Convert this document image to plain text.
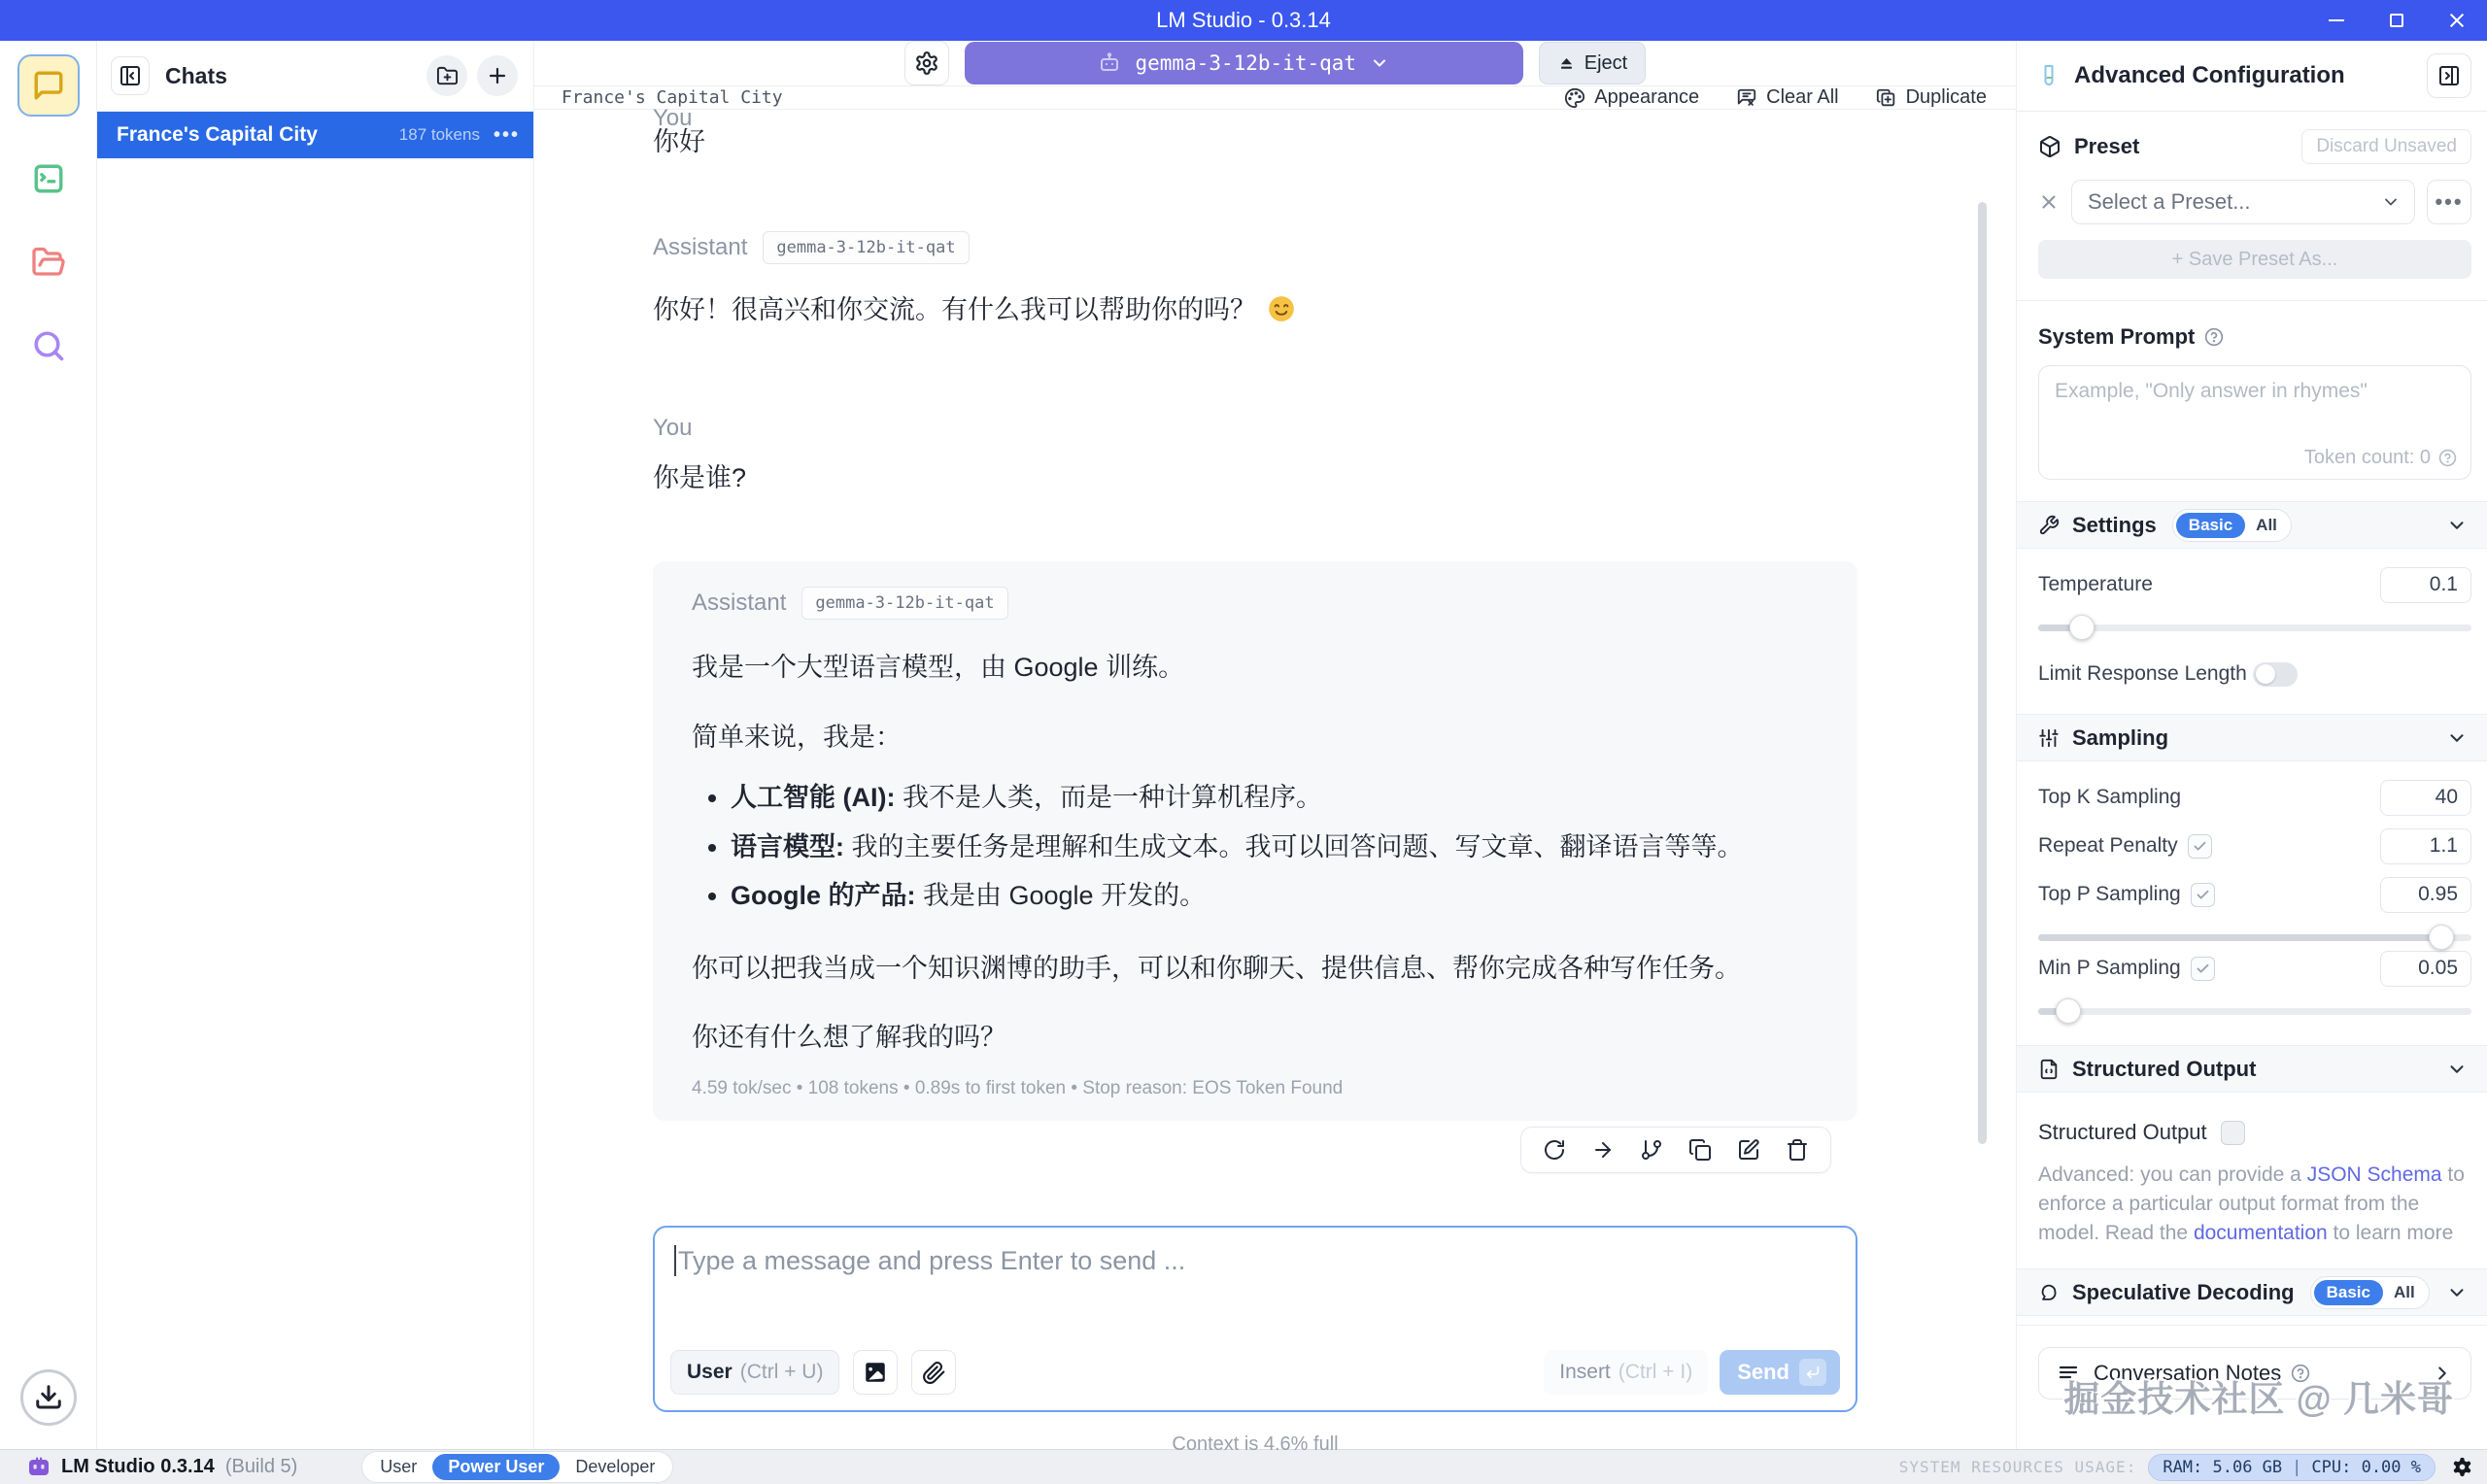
LM Studio - 0.3.14
Chats
France's Capital City	187 tokens •••
gemma-3-12b-it-qat	Eject
France's Capital City	Appearance	Clear All	Duplicate
You
你好
Assistant	gemma-3-12b-it-qat
你好！很高兴和你交流。有什么我可以帮助你的吗？
You
你是谁?
Assistant	gemma-3-12b-it-qat
我是一个大型语言模型，由 Google 训练。
简单来说，我是：
• 人工智能 (AI): 我不是人类，而是一种计算机程序。
• 语言模型: 我的主要任务是理解和生成文本。我可以回答问题、写文章、翻译语言等等。
• Google 的产品: 我是由 Google 开发的。
你可以把我当成一个知识渊博的助手，可以和你聊天、提供信息、帮你完成各种写作任务。
你还有什么想了解我的吗？
4.59 tok/sec • 108 tokens • 0.89s to first token • Stop reason: EOS Token Found
Type a message and press Enter to send ...
User (Ctrl + U)	Insert (Ctrl + I) Send
Context is 4.6% full
Advanced Configuration
Preset	Discard Unsaved
Select a Preset...	•••
+ Save Preset As...
System Prompt
Example, "Only answer in rhymes"
Token count: 0
Settings	Basic	All
Temperature	0.1
Limit Response Length
Sampling
Top K Sampling	40
Repeat Penalty	1.1
Top P Sampling	0.95
Min P Sampling	0.05
Structured Output
Structured Output
Advanced: you can provide a JSON Schema to enforce a particular output format from the model. Read the documentation to learn more
Speculative Decoding	Basic	All
Conversation Notes
掘金技术社区 @ 几米哥
LM Studio 0.3.14 (Build 5)	User	Power User	Developer	SYSTEM RESOURCES USAGE: RAM: 5.06 GB | CPU: 0.00 %
